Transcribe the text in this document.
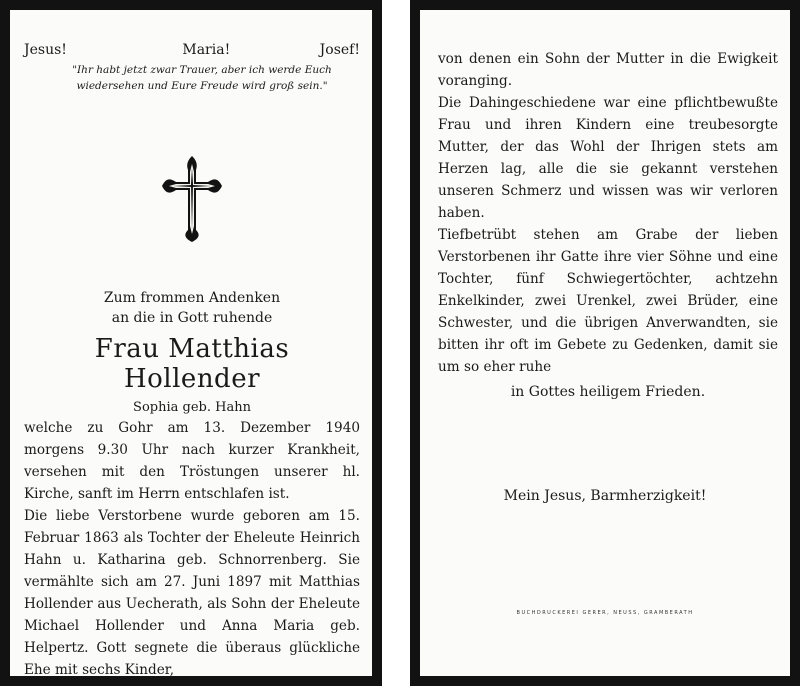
Jesus!	Maria!	Josef!
"Ihr habt jetzt zwar Trauer, aber ich werde Euch wiedersehen und Eure Freude wird groß sein."
Zum frommen Andenken
an die in Gott ruhende
Frau Matthias Hollender
Sophia geb. Hahn

welche zu Gohr am 13. Dezember 1940 morgens 9.30 Uhr nach kurzer Krankheit, versehen mit den Tröstungen unserer hl. Kirche, sanft im Herrn entschlafen ist.

Die liebe Verstorbene wurde geboren am 15. Februar 1863 als Tochter der Eheleute Heinrich Hahn u. Katharina geb. Schnorrenberg. Sie vermählte sich am 27. Juni 1897 mit Matthias Hollender aus Uecherath, als Sohn der Eheleute Michael Hollender und Anna Maria geb. Helpertz. Gott segnete die überaus glückliche Ehe mit sechs Kinder,

von denen ein Sohn der Mutter in die Ewigkeit voranging.

Die Dahingeschiedene war eine pflichtbewußte Frau und ihren Kindern eine treubesorgte Mutter, der das Wohl der Ihrigen stets am Herzen lag, alle die sie gekannt verstehen unseren Schmerz und wissen was wir verloren haben.

Tiefbetrübt stehen am Grabe der lieben Verstorbenen ihr Gatte ihre vier Söhne und eine Tochter, fünf Schwiegertöchter, achtzehn Enkelkinder, zwei Urenkel, zwei Brüder, eine Schwester, und die übrigen Anverwandten, sie bitten ihr oft im Gebete zu Gedenken, damit sie um so eher ruhe

in Gottes heiligem Frieden.
Mein Jesus, Barmherzigkeit!
BUCHDRUCKEREI GERER, NEUSS, GRAMBERATH
